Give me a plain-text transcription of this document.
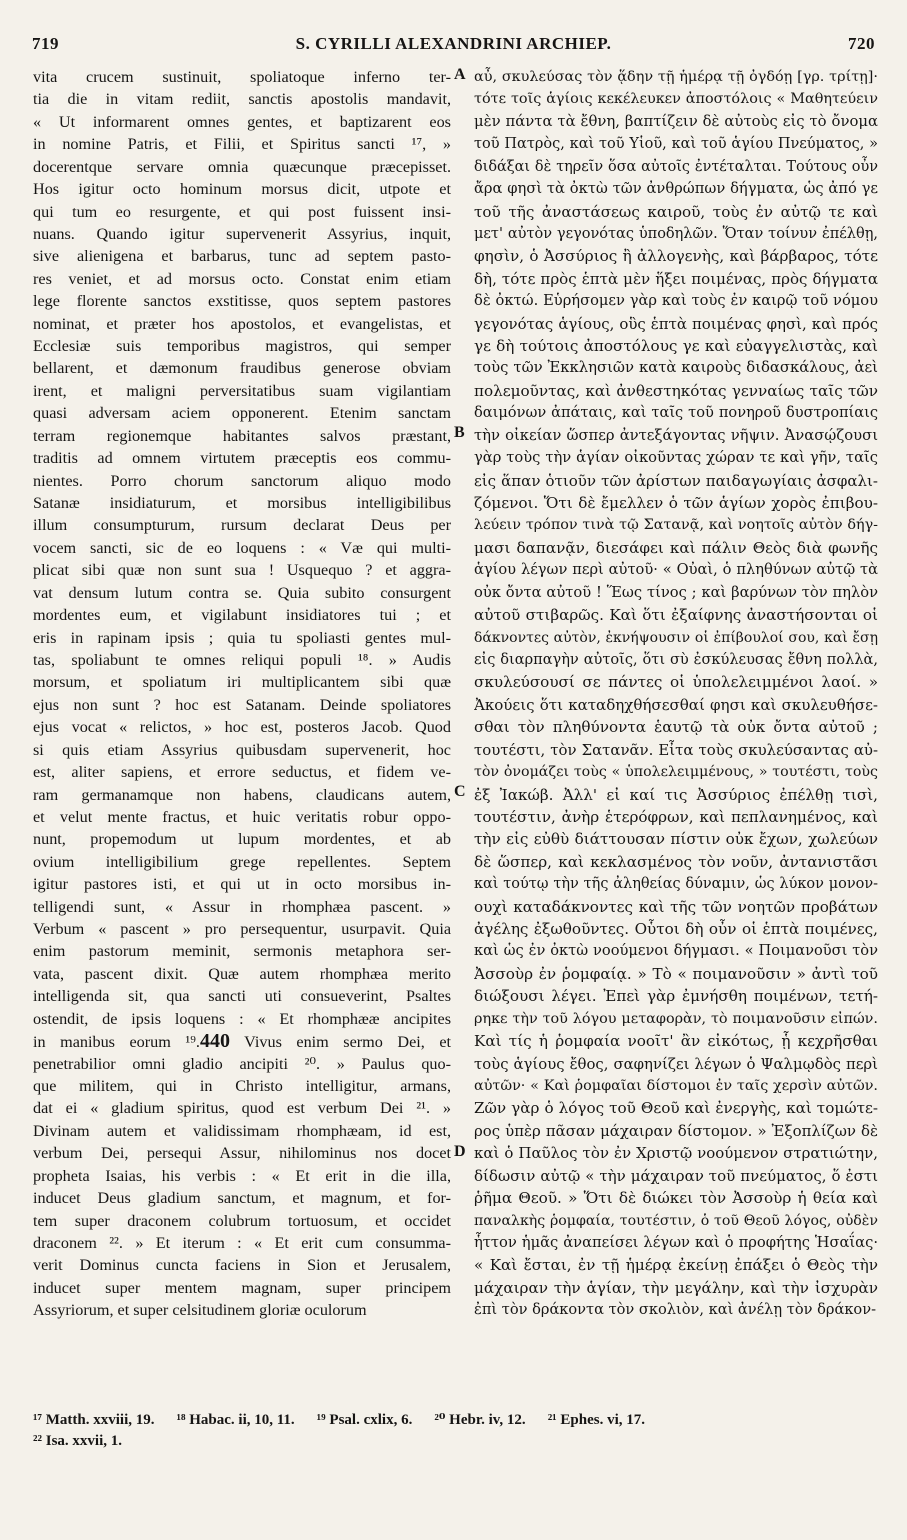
719	S. CYRILLI ALEXANDRINI ARCHIEP.	720
vita crucem sustinuit, spoliatoque inferno ter-
tia die in vitam rediit, sanctis apostolis mandavit,
« Ut informarent omnes gentes, et baptizarent eos
in nomine Patris, et Filii, et Spiritus sancti ¹⁷, »
docerentque servare omnia quæcunque præcepisset.
Hos igitur octo hominum morsus dicit, utpote et
qui tum eo resurgente, et qui post fuissent insi-
nuans. Quando igitur supervenerit Assyrius, inquit,
sive alienigena et barbarus, tunc ad septem pasto-
res veniet, et ad morsus octo. Constat enim etiam
lege florente sanctos exstitisse, quos septem pastores
nominat, et præter hos apostolos, et evangelistas, et
Ecclesiæ suis temporibus magistros, qui semper
bellarent, et dæmonum fraudibus generose obviam
irent, et maligni perversitatibus suam vigilantiam
quasi adversam aciem opponerent. Etenim sanctam
terram regionemque habitantes salvos præstant,
traditis ad omnem virtutem præceptis eos commu-
nientes. Porro chorum sanctorum aliquo modo
Satanæ insidiaturum, et morsibus intelligibilibus
illum consumpturum, rursum declarat Deus per
vocem sancti, sic de eo loquens : « Væ qui multi-
plicat sibi quæ non sunt sua ! Usquequo ? et aggra-
vat densum lutum contra se. Quia subito consurgent
mordentes eum, et vigilabunt insidiatores tui ; et
eris in rapinam ipsis ; quia tu spoliasti gentes mul-
tas, spoliabunt te omnes reliqui populi ¹⁸. » Audis
morsum, et spoliatum iri multiplicantem sibi quæ
ejus non sunt ? hoc est Satanam. Deinde spoliatores
ejus vocat « relictos, » hoc est, posteros Jacob. Quod
si quis etiam Assyrius quibusdam supervenerit, hoc
est, aliter sapiens, et errore seductus, et fidem ve-
ram germanamque non habens, claudicans autem,
et velut mente fractus, et huic veritatis robur oppo-
nunt, propemodum ut lupum mordentes, et ab
ovium intelligibilium grege repellentes. Septem
igitur pastores isti, et qui ut in octo morsibus in-
telligendi sunt, « Assur in rhomphæa pascent. »
Verbum « pascent » pro persequentur, usurpavit. Quia
enim pastorum meminit, sermonis metaphora ser-
vata, pascent dixit. Quæ autem rhomphæa merito
intelligenda sit, qua sancti uti consueverint, Psaltes
ostendit, de ipsis loquens : « Et rhomphææ ancipites
in manibus eorum ¹⁹.440 Vivus enim sermo Dei, et
penetrabilior omni gladio ancipiti ²⁰. » Paulus quo-
que militem, qui in Christo intelligitur, armans,
dat ei « gladium spiritus, quod est verbum Dei ²¹. »
Divinam autem et validissimam rhomphæam, id est,
verbum Dei, persequi Assur, nihilominus nos docet
propheta Isaias, his verbis : « Et erit in die illa,
inducet Deus gladium sanctum, et magnum, et for-
tem super draconem colubrum tortuosum, et occidet
draconem ²². » Et iterum : « Et erit cum consumma-
verit Dominus cuncta faciens in Sion et Jerusalem,
inducet super mentem magnam, super principem
Assyriorum, et super celsitudinem gloriæ oculorum
αὖ, σκυλεύσας τὸν ᾅδην τῇ ἡμέρᾳ τῇ ὀγδόῃ [γρ. τρίτῃ]·
τότε τοῖς ἁγίοις κεκέλευκεν ἀποστόλοις « Μαθητεύειν
μὲν πάντα τὰ ἔθνη, βαπτίζειν δὲ αὐτοὺς εἰς τὸ ὄνομα
τοῦ Πατρὸς, καὶ τοῦ Υἱοῦ, καὶ τοῦ ἁγίου Πνεύματος, »
διδάξαι δὲ τηρεῖν ὅσα αὐτοῖς ἐντέταλται. Τούτους οὖν
ἄρα φησὶ τὰ ὀκτὼ τῶν ἀνθρώπων δήγματα, ὡς ἀπό γε
τοῦ τῆς ἀναστάσεως καιροῦ, τοὺς ἐν αὐτῷ τε καὶ
μετ' αὐτὸν γεγονότας ὑποδηλῶν. Ὅταν τοίνυν ἐπέλθῃ,
φησὶν, ὁ Ἀσσύριος ἢ ἀλλογενὴς, καὶ βάρβαρος, τότε
δὴ, τότε πρὸς ἑπτὰ μὲν ἥξει ποιμένας, πρὸς δήγματα
δὲ ὀκτώ. Εὑρήσομεν γὰρ καὶ τοὺς ἐν καιρῷ τοῦ νόμου
γεγονότας ἁγίους, οὓς ἑπτὰ ποιμένας φησὶ, καὶ πρός
γε δὴ τούτοις ἀποστόλους γε καὶ εὐαγγελιστὰς, καὶ
τοὺς τῶν Ἐκκλησιῶν κατὰ καιροὺς διδασκάλους, ἀεὶ
πολεμοῦντας, καὶ ἀνθεστηκότας γενναίως ταῖς τῶν
δαιμόνων ἀπάταις, καὶ ταῖς τοῦ πονηροῦ δυστροπίαις
τὴν οἰκείαν ὥσπερ ἀντεξάγοντας νῆψιν. Ἀνασῴζουσι
γὰρ τοὺς τὴν ἁγίαν οἰκοῦντας χώραν τε καὶ γῆν, ταῖς
εἰς ἅπαν ὁτιοῦν τῶν ἀρίστων παιδαγωγίαις ἀσφαλι-
ζόμενοι. Ὅτι δὲ ἔμελλεν ὁ τῶν ἁγίων χορὸς ἐπιβου-
λεύειν τρόπον τινὰ τῷ Σατανᾷ, καὶ νοητοῖς αὐτὸν δήγ-
μασι δαπανᾷν, διεσάφει καὶ πάλιν Θεὸς διὰ φωνῆς
ἁγίου λέγων περὶ αὐτοῦ· « Οὐαὶ, ὁ πληθύνων αὐτῷ τὰ
οὐκ ὄντα αὐτοῦ ! Ἕως τίνος ; καὶ βαρύνων τὸν πηλὸν
αὐτοῦ στιβαρῶς. Καὶ ὅτι ἐξαίφνης ἀναστήσονται οἱ
δάκνοντες αὐτὸν, ἐκνήψουσιν οἱ ἐπίβουλοί σου, καὶ ἔσῃ
εἰς διαρπαγὴν αὐτοῖς, ὅτι σὺ ἐσκύλευσας ἔθνη πολλὰ,
σκυλεύσουσί σε πάντες οἱ ὑπολελειμμένοι λαοί. »
Ἀκούεις ὅτι καταδηχθήσεσθαί φησι καὶ σκυλευθήσε-
σθαι τὸν πληθύνοντα ἑαυτῷ τὰ οὐκ ὄντα αὐτοῦ ;
τουτέστι, τὸν Σατανᾶν. Εἶτα τοὺς σκυλεύσαντας αὐ-
τὸν ὀνομάζει τοὺς « ὑπολελειμμένους, » τουτέστι, τοὺς
ἐξ Ἰακώβ. Ἀλλ' εἰ καί τις Ἀσσύριος ἐπέλθῃ τισὶ,
τουτέστιν, ἀνὴρ ἑτερόφρων, καὶ πεπλανημένος, καὶ
τὴν εἰς εὐθὺ διάττουσαν πίστιν οὐκ ἔχων, χωλεύων
δὲ ὥσπερ, καὶ κεκλασμένος τὸν νοῦν, ἀντανιστᾶσι
καὶ τούτῳ τὴν τῆς ἀληθείας δύναμιν, ὡς λύκον μονον-
ουχὶ καταδάκνοντες καὶ τῆς τῶν νοητῶν προβάτων
ἀγέλης ἐξωθοῦντες. Οὗτοι δὴ οὖν οἱ ἑπτὰ ποιμένες,
καὶ ὡς ἐν ὀκτὼ νοούμενοι δήγμασι. « Ποιμανοῦσι τὸν
Ἀσσοὺρ ἐν ῥομφαίᾳ. » Τὸ « ποιμανοῦσιν » ἀντὶ τοῦ
διώξουσι λέγει. Ἐπεὶ γὰρ ἐμνήσθη ποιμένων, τετή-
ρηκε τὴν τοῦ λόγου μεταφορὰν, τὸ ποιμανοῦσιν εἰπών.
Καὶ τίς ἡ ῥομφαία νοοῖτ' ἂν εἰκότως, ᾗ κεχρῆσθαι
τοὺς ἁγίους ἔθος, σαφηνίζει λέγων ὁ Ψαλμῳδὸς περὶ
αὐτῶν· « Καὶ ῥομφαῖαι δίστομοι ἐν ταῖς χερσὶν αὐτῶν.
Ζῶν γὰρ ὁ λόγος τοῦ Θεοῦ καὶ ἐνεργὴς, καὶ τομώτε-
ρος ὑπὲρ πᾶσαν μάχαιραν δίστομον. » Ἐξοπλίζων δὲ
καὶ ὁ Παῦλος τὸν ἐν Χριστῷ νοούμενον στρατιώτην,
δίδωσιν αὐτῷ « τὴν μάχαιραν τοῦ πνεύματος, ὅ ἐστι
ῥῆμα Θεοῦ. » Ὅτι δὲ διώκει τὸν Ἀσσοὺρ ἡ θεία καὶ
παναλκὴς ῥομφαία, τουτέστιν, ὁ τοῦ Θεοῦ λόγος, οὐδὲν
ἧττον ἡμᾶς ἀναπείσει λέγων καὶ ὁ προφήτης Ἡσαΐας·
« Καὶ ἔσται, ἐν τῇ ἡμέρᾳ ἐκείνῃ ἐπάξει ὁ Θεὸς τὴν
μάχαιραν τὴν ἁγίαν, τὴν μεγάλην, καὶ τὴν ἰσχυρὰν
ἐπὶ τὸν δράκοντα τὸν σκολιὸν, καὶ ἀνέλῃ τὸν δράκον-
A
B
C
D
¹⁷ Matth. xxviii, 19. ¹⁸ Habac. ii, 10, 11. ¹⁹ Psal. cxlix, 6. ²⁰ Hebr. iv, 12. ²¹ Ephes. vi, 17.
²² Isa. xxvii, 1.
